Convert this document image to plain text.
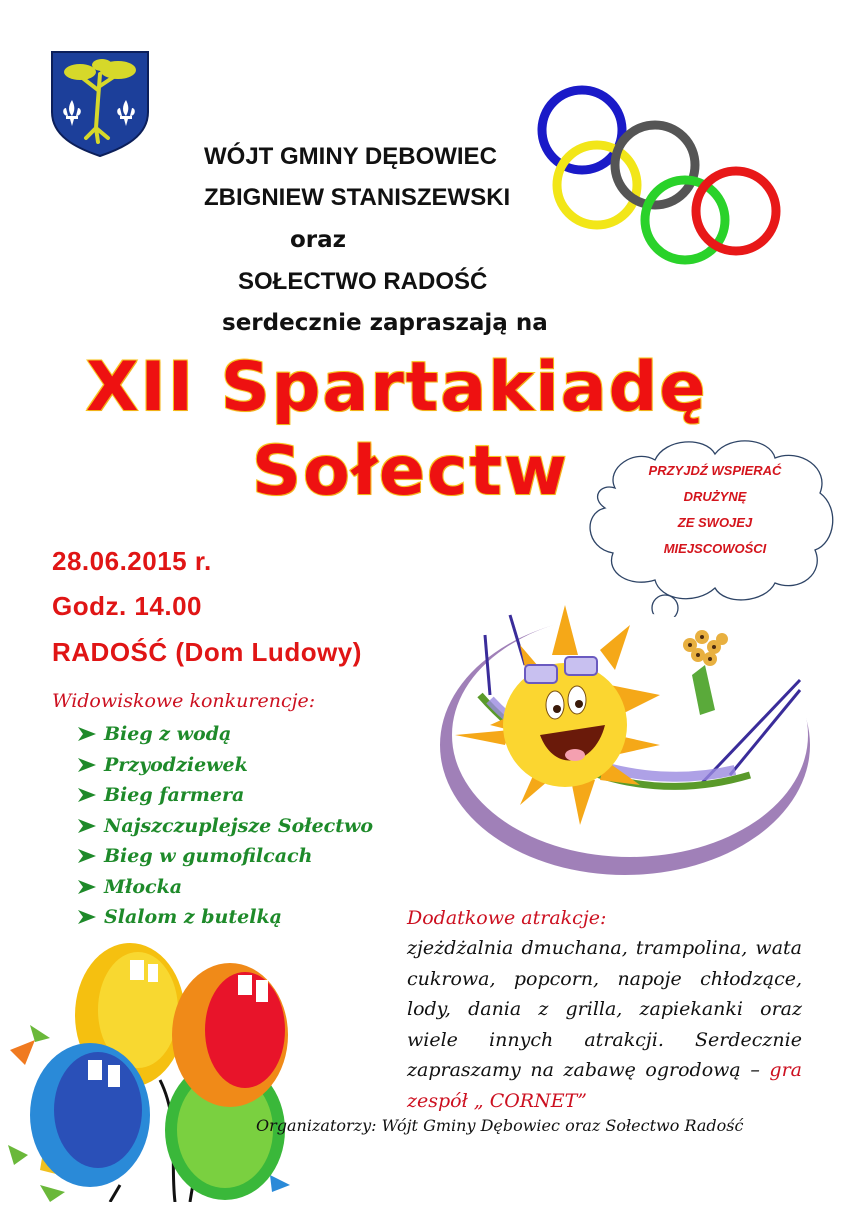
WÓJT GMINY DĘBOWIEC
ZBIGNIEW STANISZEWSKI
oraz
SOŁECTWO RADOŚĆ
serdecznie zapraszają na
XII Spartakiadę
Sołectw	PRZYJDŹ WSPIERAĆ
DRUŻYNĘ
ZE SWOJEJ
MIEJSCOWOŚCI
28.06.2015 r.
Godz. 14.00
RADOŚĆ (Dom Ludowy)
Widowiskowe konkurencje:
Bieg z wodą
Przyodziewek
Bieg farmera
Najszczuplejsze Sołectwo
Bieg w gumofilcach
Młocka
Slalom z butelką	Dodatkowe atrakcje:
zjeżdżalnia dmuchana, trampolina, wata cukrowa, popcorn, napoje chłodzące, lody, dania z grilla, zapiekanki oraz wiele innych atrakcji. Serdecznie zapraszamy na zabawę ogrodową – gra zespół „ CORNET”
Organizatorzy: Wójt Gminy Dębowiec oraz Sołectwo Radość
